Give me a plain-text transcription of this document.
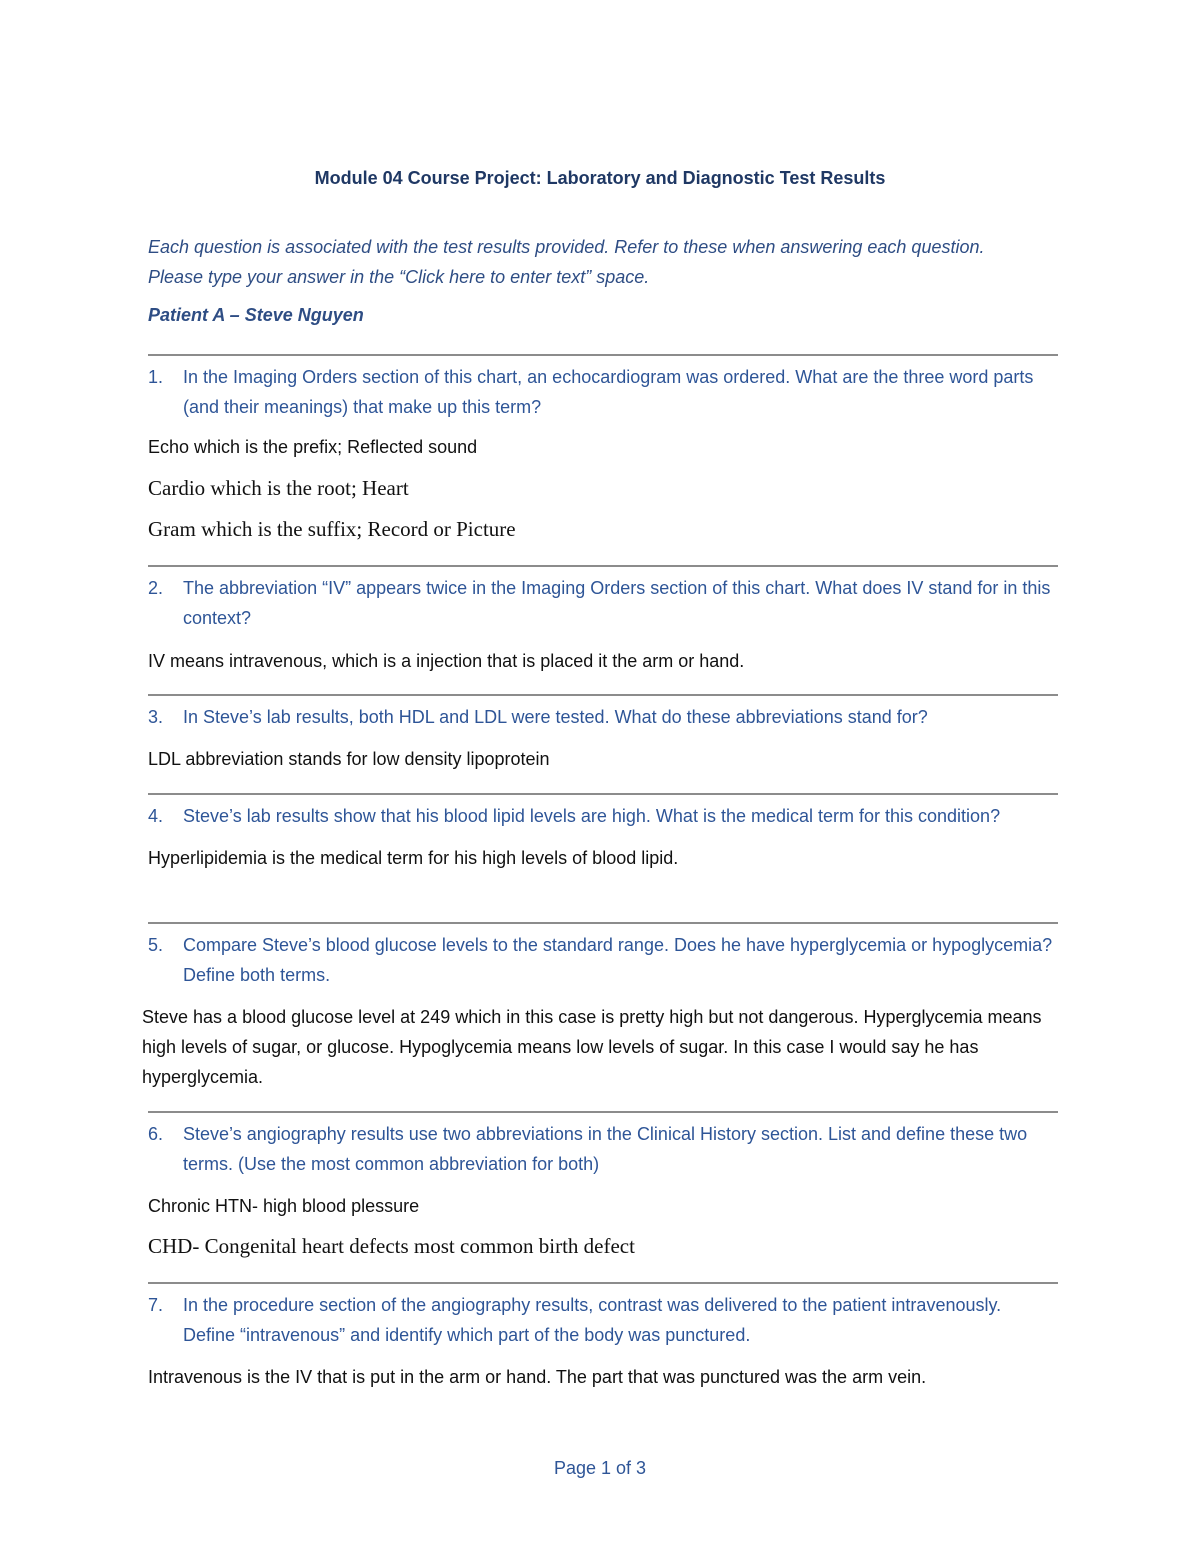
Module 04 Course Project: Laboratory and Diagnostic Test Results
Each question is associated with the test results provided. Refer to these when answering each question. Please type your answer in the “Click here to enter text” space.
Patient A – Steve Nguyen
1. In the Imaging Orders section of this chart, an echocardiogram was ordered. What are the three word parts (and their meanings) that make up this term?
Echo which is the prefix; Reflected sound
Cardio which is the root; Heart
Gram which is the suffix; Record or Picture
2. The abbreviation “IV” appears twice in the Imaging Orders section of this chart. What does IV stand for in this context?
IV means intravenous, which is a injection that is placed it the arm or hand.
3. In Steve’s lab results, both HDL and LDL were tested. What do these abbreviations stand for?
LDL abbreviation stands for low density lipoprotein
4. Steve’s lab results show that his blood lipid levels are high. What is the medical term for this condition?
Hyperlipidemia is the medical term for his high levels of blood lipid.
5. Compare Steve’s blood glucose levels to the standard range. Does he have hyperglycemia or hypoglycemia? Define both terms.
Steve has a blood glucose level at 249 which in this case is pretty high but not dangerous. Hyperglycemia means high levels of sugar, or glucose. Hypoglycemia means low levels of sugar. In this case I would say he has hyperglycemia.
6. Steve’s angiography results use two abbreviations in the Clinical History section. List and define these two terms. (Use the most common abbreviation for both)
Chronic HTN- high blood plessure
CHD- Congenital heart defects most common birth defect
7. In the procedure section of the angiography results, contrast was delivered to the patient intravenously. Define “intravenous” and identify which part of the body was punctured.
Intravenous is the IV that is put in the arm or hand. The part that was punctured was the arm vein.
Page 1 of 3
